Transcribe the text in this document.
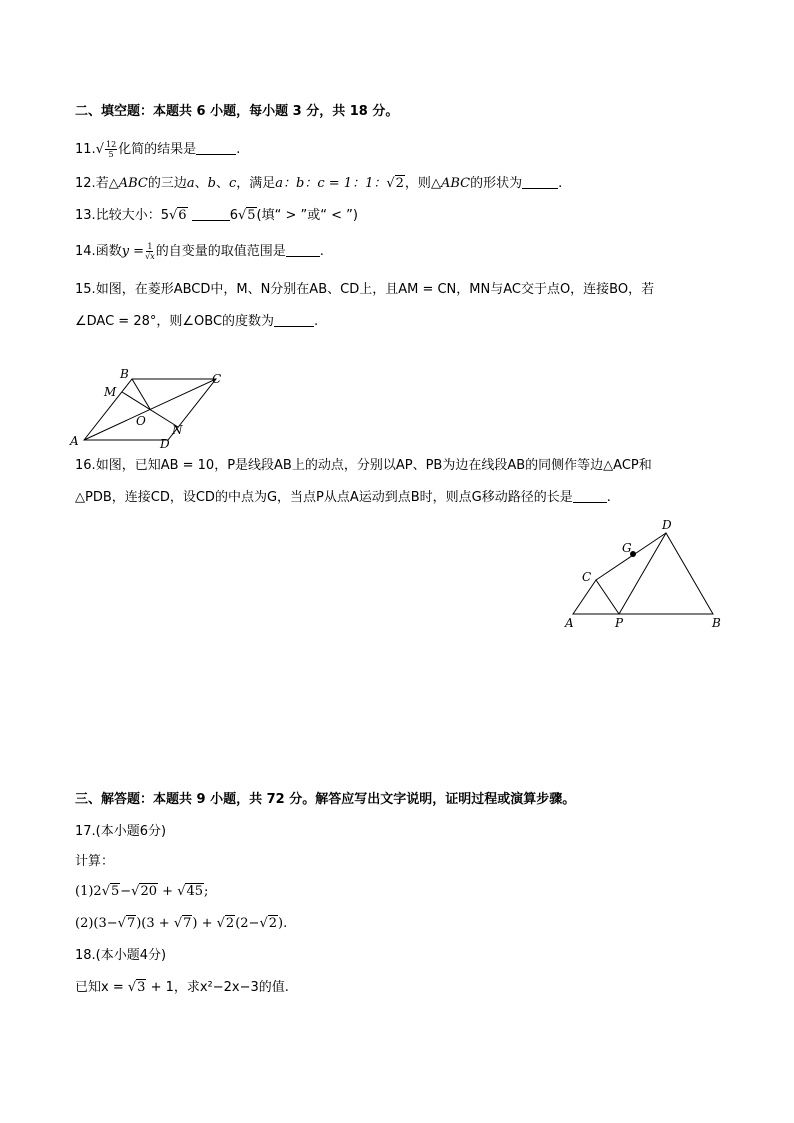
二、填空题：本题共 6 小题，每小题 3 分，共 18 分。
$11.√ \frac{12}{5}$ 化简的结果是	.
12.若△ABC的三边a、b、c，满足a：b：c = 1：1：√2，则△ABC的形状为	.
13.比较大小：5√6	6√5(填“ > ”或“ < ”)
14.函数$y = \frac{1}{√x}$ 的自变量的取值范围是	.
15.如图，在菱形ABCD中，M、N分别在AB、CD上，且AM = CN，MN与AC交于点O，连接BO，若
∠DAC = 28°，则∠OBC的度数为	.
A
B	C
D
M
N
O
16.如图，已知AB = 10，P是线段AB上的动点，分别以AP、PB为边在线段AB的同侧作等边△ACP和
△PDB，连接CD，设CD的中点为G，当点P从点A运动到点B时，则点G移动路径的长是	.
A	B
C
D
G
P
三、解答题：本题共 9 小题，共 72 分。解答应写出文字说明，证明过程或演算步骤。
17.(本小题6分)
计算：
(1)2√5−√20 + √45;
(2)(3−√7)(3 + √7) + √2(2−√2).
18.(本小题4分)
已知x = √3 + 1，求x²−2x−3的值.
